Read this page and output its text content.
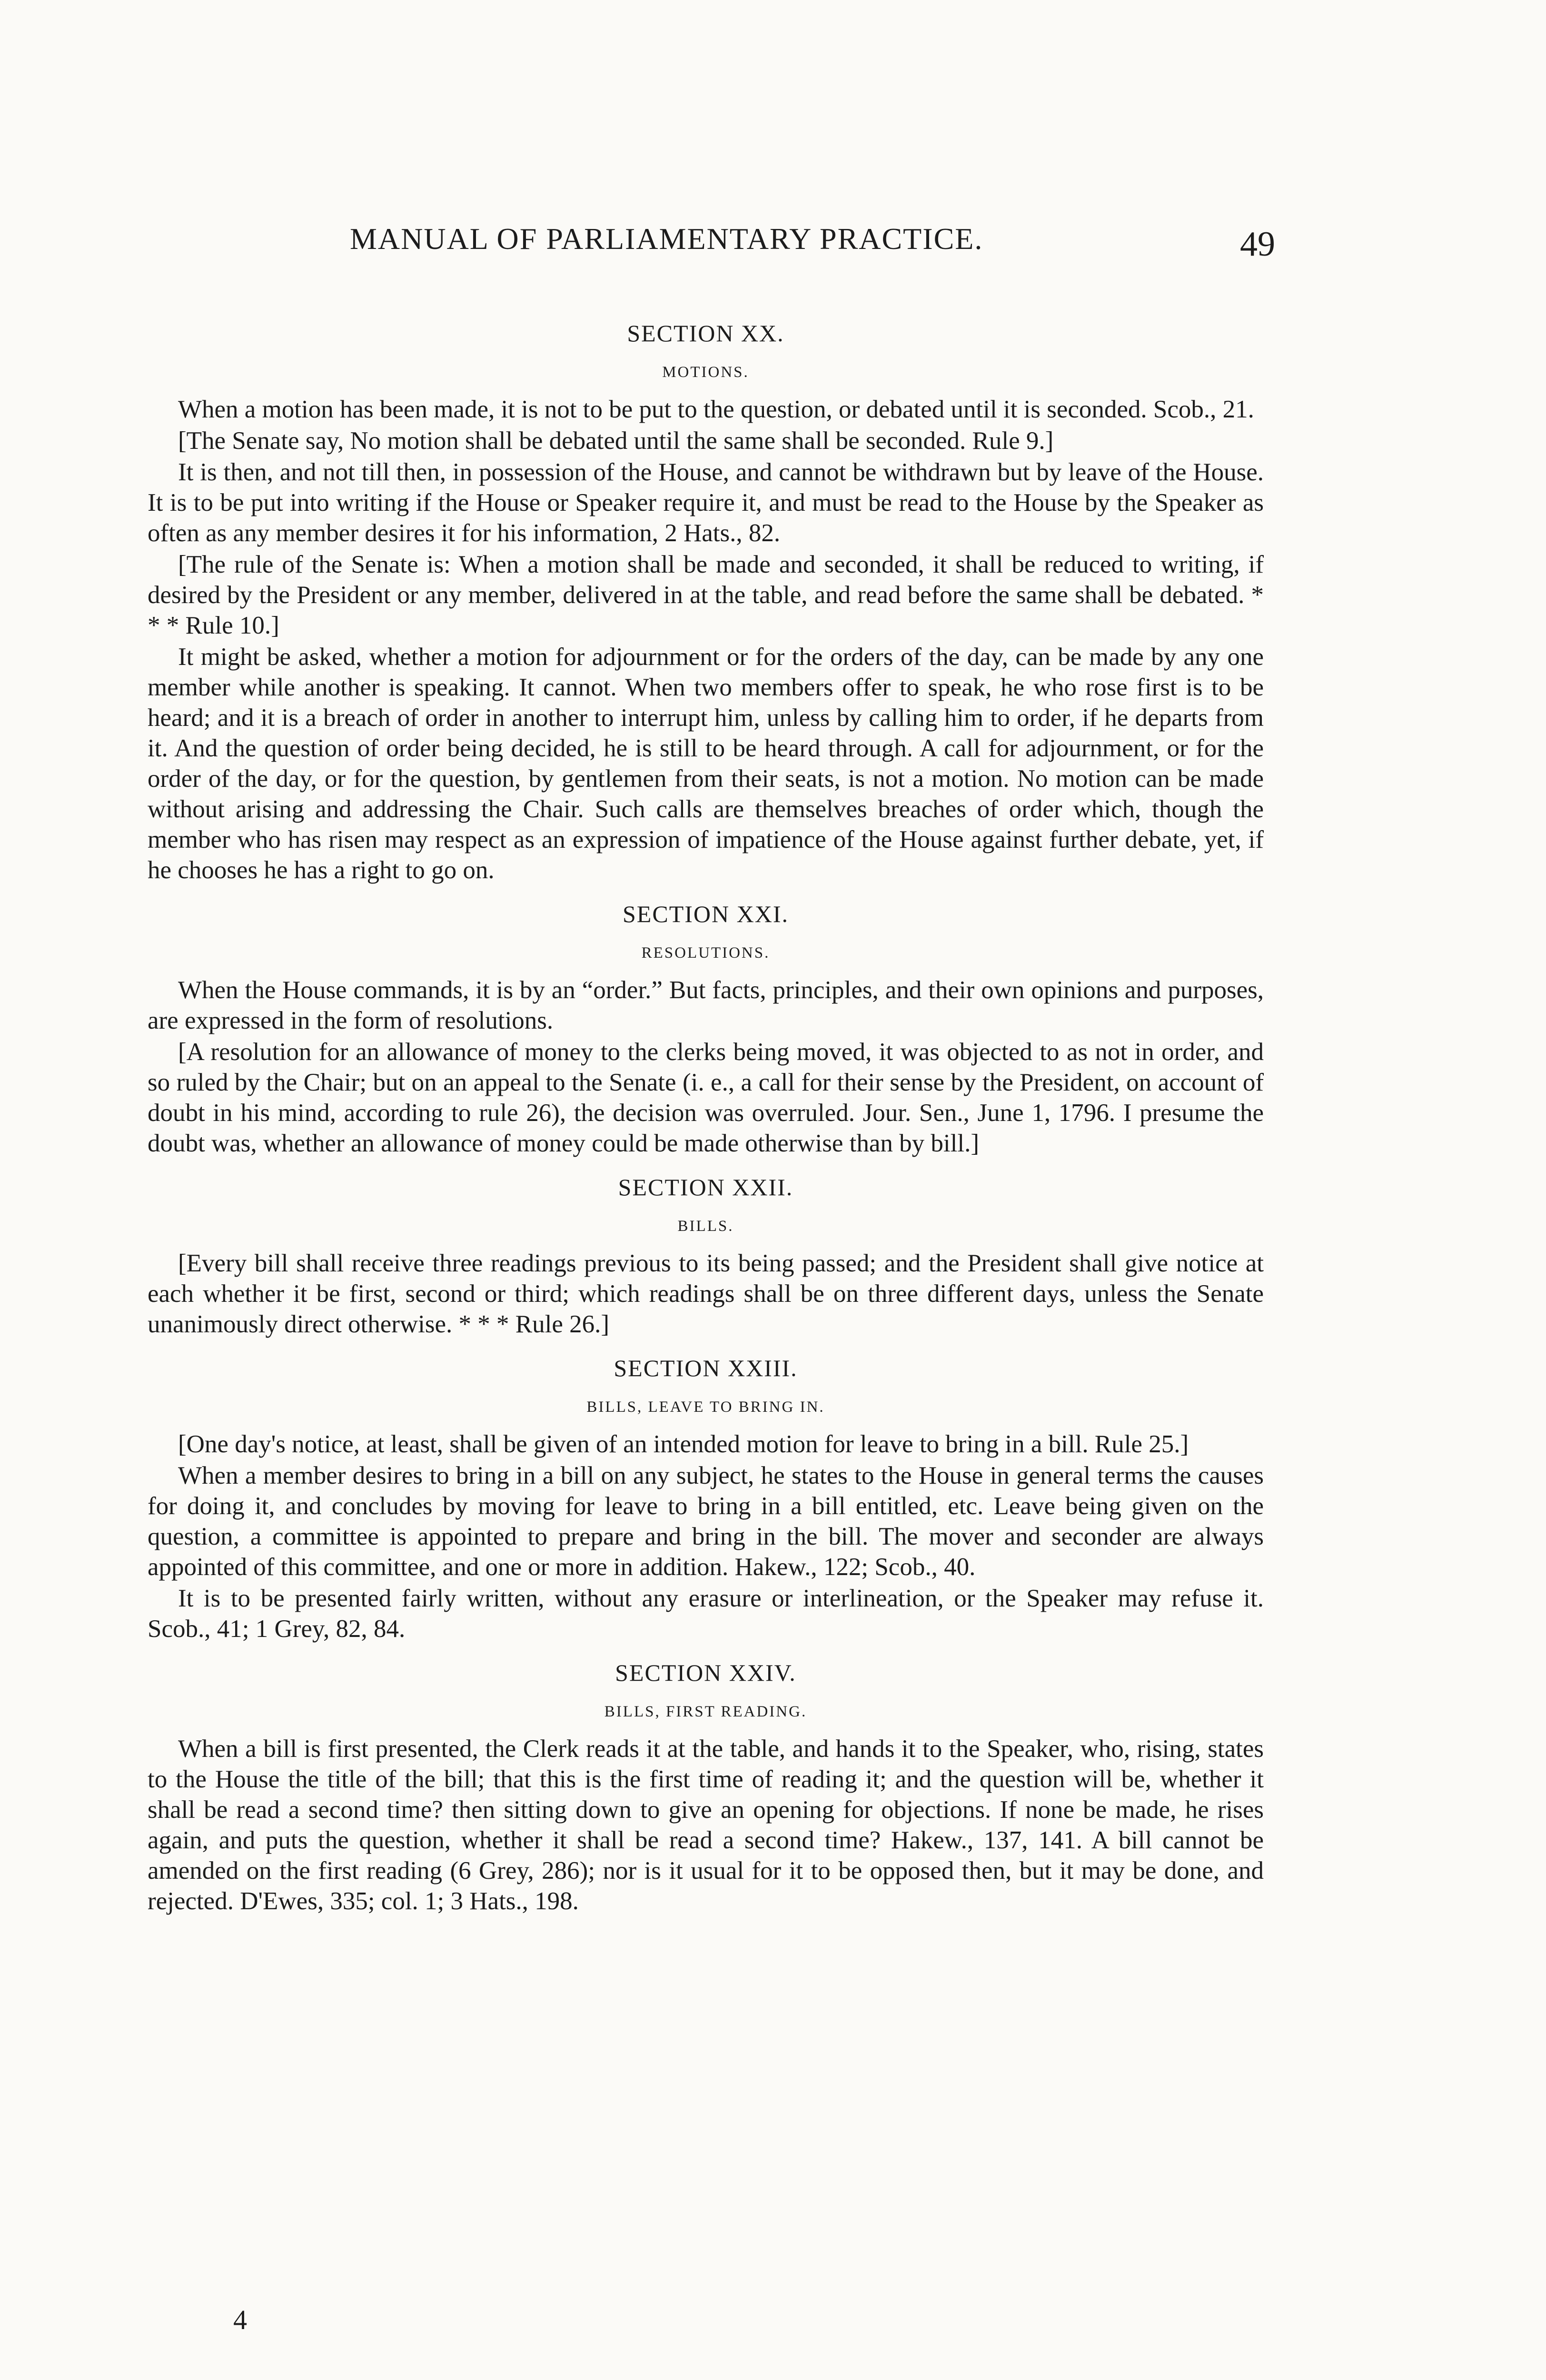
MANUAL OF PARLIAMENTARY PRACTICE.	49
SECTION XX.
MOTIONS.

When a motion has been made, it is not to be put to the question, or debated until it is seconded. Scob., 21.

[The Senate say, No motion shall be debated until the same shall be seconded. Rule 9.]

It is then, and not till then, in possession of the House, and cannot be withdrawn but by leave of the House. It is to be put into writing if the House or Speaker require it, and must be read to the House by the Speaker as often as any member desires it for his information, 2 Hats., 82.

[The rule of the Senate is: When a motion shall be made and seconded, it shall be reduced to writing, if desired by the President or any member, delivered in at the table, and read before the same shall be debated. * * * Rule 10.]

It might be asked, whether a motion for adjournment or for the orders of the day, can be made by any one member while another is speaking. It cannot. When two members offer to speak, he who rose first is to be heard; and it is a breach of order in another to interrupt him, unless by calling him to order, if he departs from it. And the question of order being decided, he is still to be heard through. A call for adjournment, or for the order of the day, or for the question, by gentlemen from their seats, is not a motion. No motion can be made without arising and addressing the Chair. Such calls are themselves breaches of order which, though the member who has risen may respect as an expression of impatience of the House against further debate, yet, if he chooses he has a right to go on.

SECTION XXI.
RESOLUTIONS.

When the House commands, it is by an “order.” But facts, principles, and their own opinions and purposes, are expressed in the form of resolutions.

[A resolution for an allowance of money to the clerks being moved, it was objected to as not in order, and so ruled by the Chair; but on an appeal to the Senate (i. e., a call for their sense by the President, on account of doubt in his mind, according to rule 26), the decision was overruled. Jour. Sen., June 1, 1796. I presume the doubt was, whether an allowance of money could be made otherwise than by bill.]

SECTION XXII.
BILLS.

[Every bill shall receive three readings previous to its being passed; and the President shall give notice at each whether it be first, second or third; which readings shall be on three different days, unless the Senate unanimously direct otherwise. * * * Rule 26.]

SECTION XXIII.
BILLS, LEAVE TO BRING IN.

[One day's notice, at least, shall be given of an intended motion for leave to bring in a bill. Rule 25.]

When a member desires to bring in a bill on any subject, he states to the House in general terms the causes for doing it, and concludes by moving for leave to bring in a bill entitled, etc. Leave being given on the question, a committee is appointed to prepare and bring in the bill. The mover and seconder are always appointed of this committee, and one or more in addition. Hakew., 122; Scob., 40.

It is to be presented fairly written, without any erasure or interlineation, or the Speaker may refuse it. Scob., 41; 1 Grey, 82, 84.

SECTION XXIV.
BILLS, FIRST READING.

When a bill is first presented, the Clerk reads it at the table, and hands it to the Speaker, who, rising, states to the House the title of the bill; that this is the first time of reading it; and the question will be, whether it shall be read a second time? then sitting down to give an opening for objections. If none be made, he rises again, and puts the question, whether it shall be read a second time? Hakew., 137, 141. A bill cannot be amended on the first reading (6 Grey, 286); nor is it usual for it to be opposed then, but it may be done, and rejected. D'Ewes, 335; col. 1; 3 Hats., 198.

4
